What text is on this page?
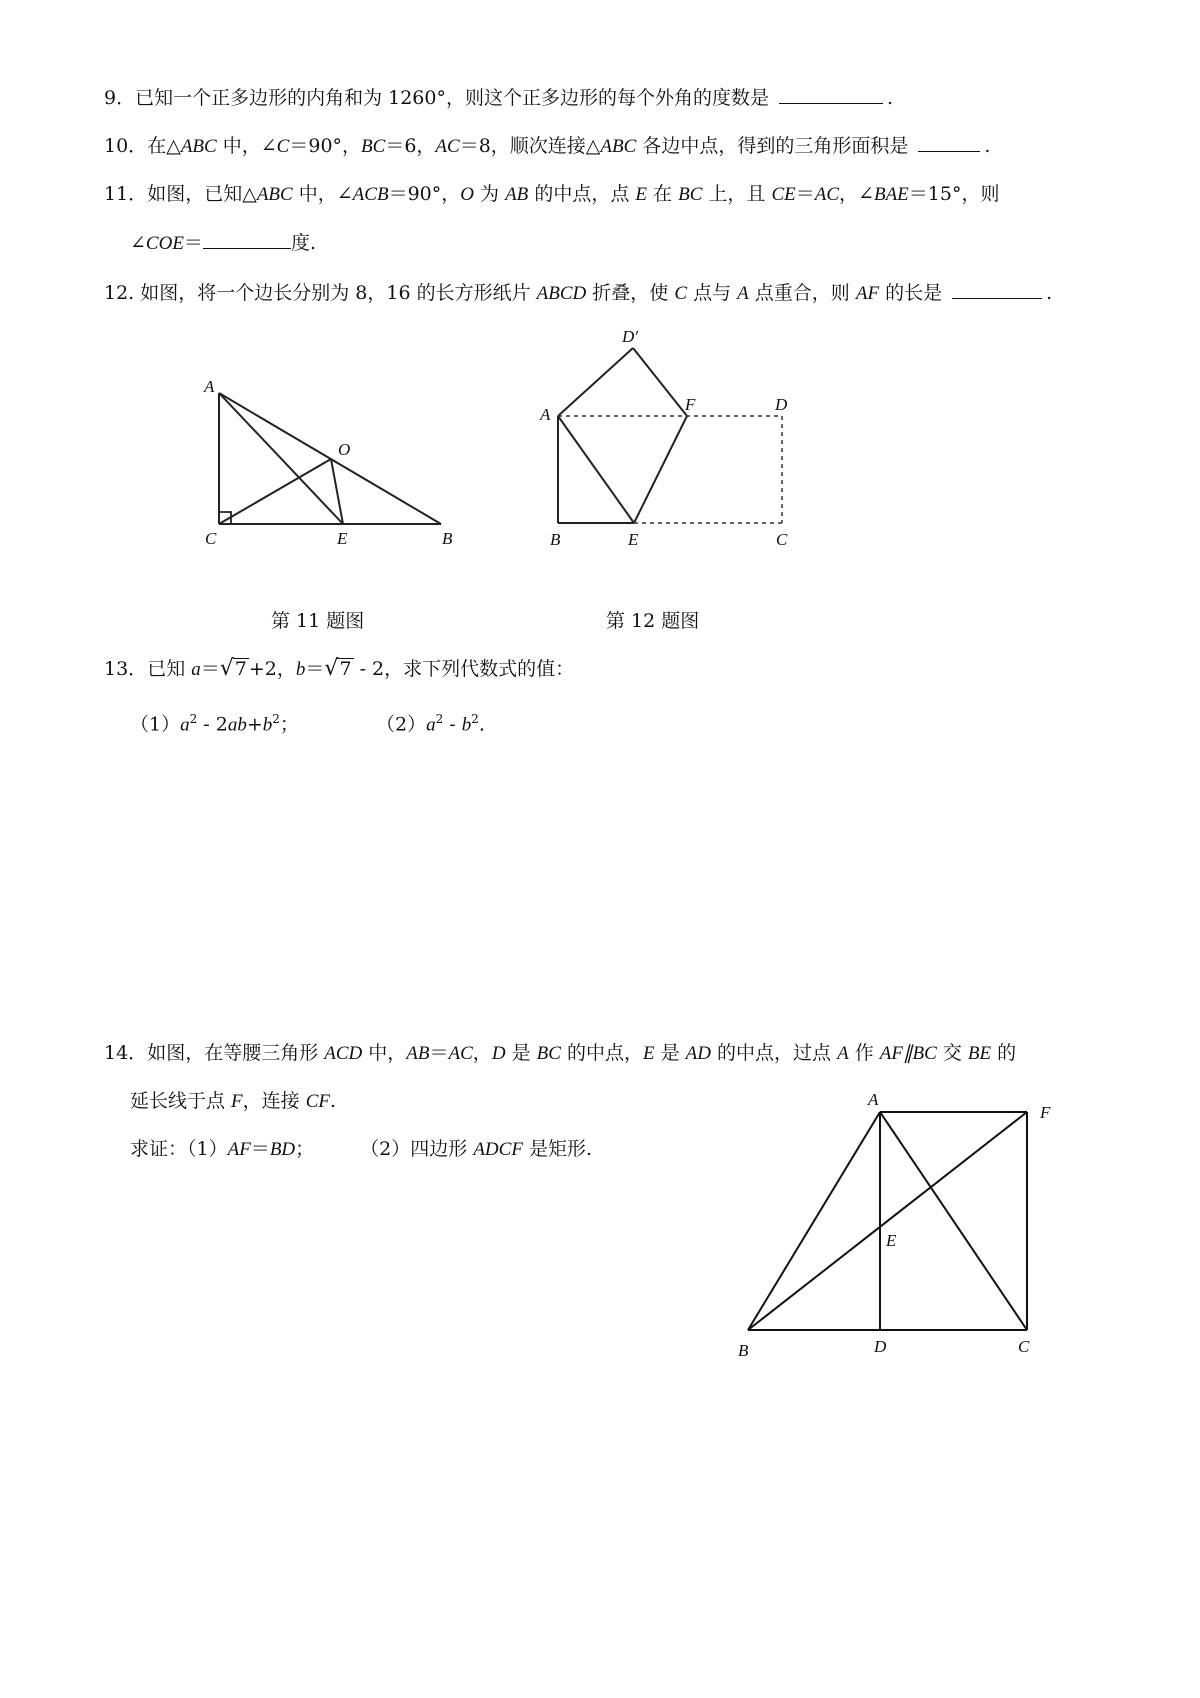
9．已知一个正多边形的内角和为 1260°，则这个正多边形的每个外角的度数是	.
10．在△ABC 中，∠C＝90°，BC＝6，AC＝8，顺次连接△ABC 各边中点，得到的三角形面积是	.
11．如图，已知△ABC 中，∠ACB＝90°，O 为 AB 的中点，点 E 在 BC 上，且 CE＝AC，∠BAE＝15°，则
∠COE＝	度.
12. 如图，将一个边长分别为 8，16 的长方形纸片 ABCD 折叠，使 C 点与 A 点重合，则 AF 的长是	.
A
O
C	E	B
第 11 题图
D′
A
F	D
B	E	C
第 12 题图
13．已知 a＝√7 +2，b＝√7 - 2，求下列代数式的值：
$(1)a^2 - 2ab+b^2$；	$(2)a^2 - b^2$.
14．如图，在等腰三角形 ACD 中，AB＝AC，D 是 BC 的中点，E 是 AD 的中点，过点 A 作 AF∥BC 交 BE 的
延长线于点 F，连接 CF.
求证：（1）AF＝BD； （2）四边形 ADCF 是矩形.
A
F
E
B	D	C
